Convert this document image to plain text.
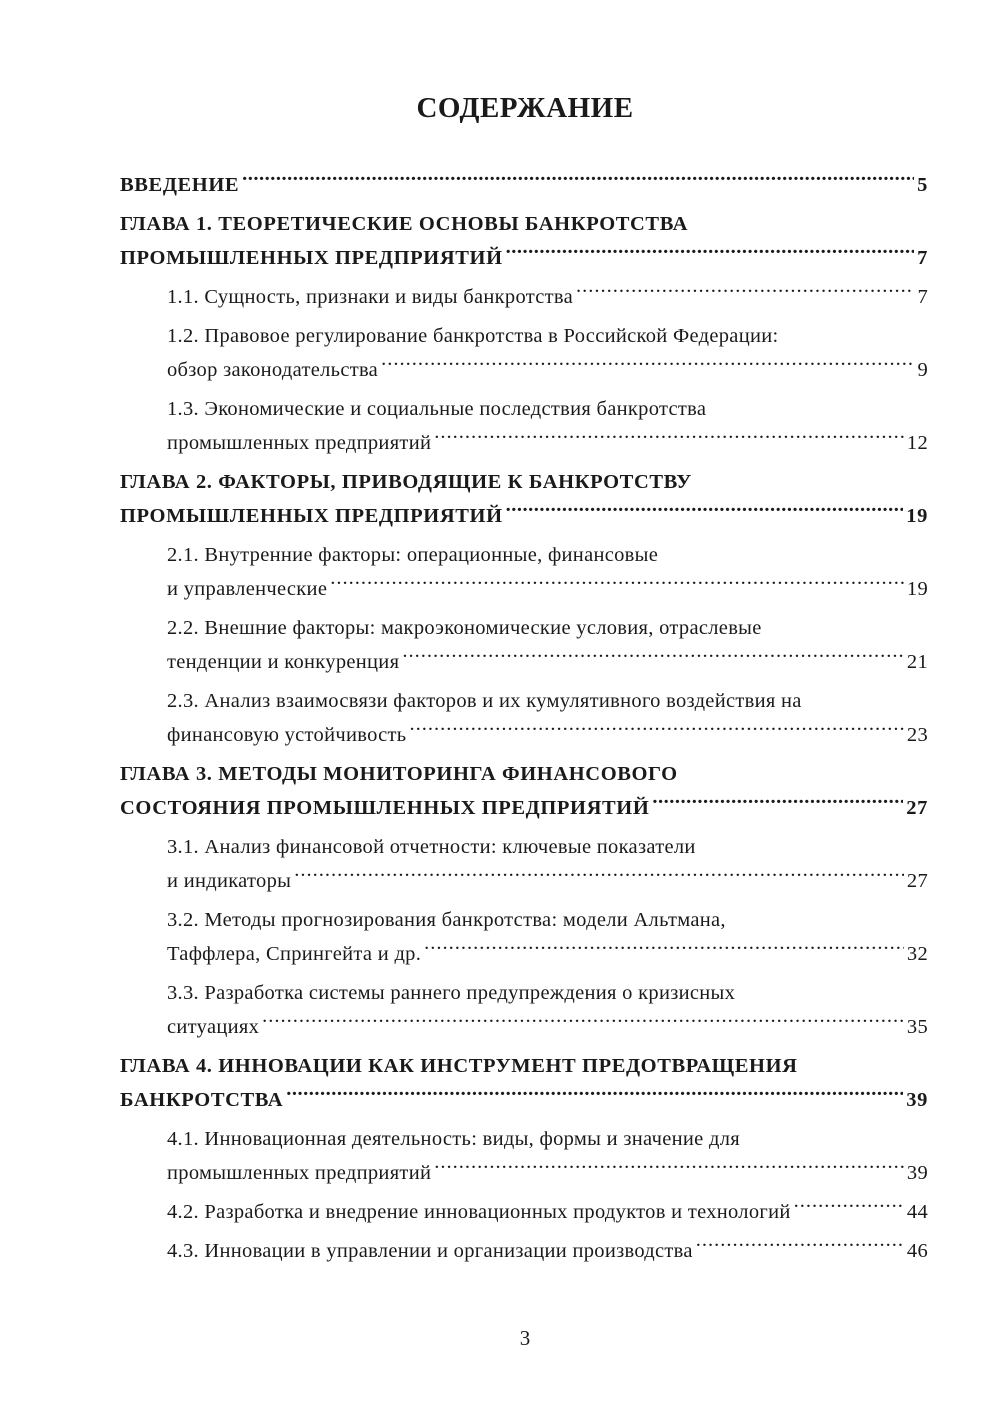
СОДЕРЖАНИЕ
ВВЕДЕНИЕ .....	5
ГЛАВА 1. ТЕОРЕТИЧЕСКИЕ ОСНОВЫ БАНКРОТСТВА
ПРОМЫШЛЕННЫХ ПРЕДПРИЯТИЙ .....	7
1.1. Сущность, признаки и виды банкротства .....	7
1.2. Правовое регулирование банкротства в Российской Федерации:
обзор законодательства .....	9
1.3. Экономические и социальные последствия банкротства
промышленных предприятий .....	12
ГЛАВА 2. ФАКТОРЫ, ПРИВОДЯЩИЕ К БАНКРОТСТВУ
ПРОМЫШЛЕННЫХ ПРЕДПРИЯТИЙ .....	19
2.1. Внутренние факторы: операционные, финансовые
и управленческие .....	19
2.2. Внешние факторы: макроэкономические условия, отраслевые
тенденции и конкуренция .....	21
2.3. Анализ взаимосвязи факторов и их кумулятивного воздействия на
финансовую устойчивость .....	23
ГЛАВА 3. МЕТОДЫ МОНИТОРИНГА ФИНАНСОВОГО
СОСТОЯНИЯ ПРОМЫШЛЕННЫХ ПРЕДПРИЯТИЙ .....	27
3.1. Анализ финансовой отчетности: ключевые показатели
и индикаторы .....	27
3.2. Методы прогнозирования банкротства: модели Альтмана,
Таффлера, Спрингейта и др. .....	32
3.3. Разработка системы раннего предупреждения о кризисных
ситуациях .....	35
ГЛАВА 4. ИННОВАЦИИ КАК ИНСТРУМЕНТ ПРЕДОТВРАЩЕНИЯ
БАНКРОТСТВА .....	39
4.1. Инновационная деятельность: виды, формы и значение для
промышленных предприятий .....	39
4.2. Разработка и внедрение инновационных продуктов и технологий .....	44
4.3. Инновации в управлении и организации производства .....	46
3
